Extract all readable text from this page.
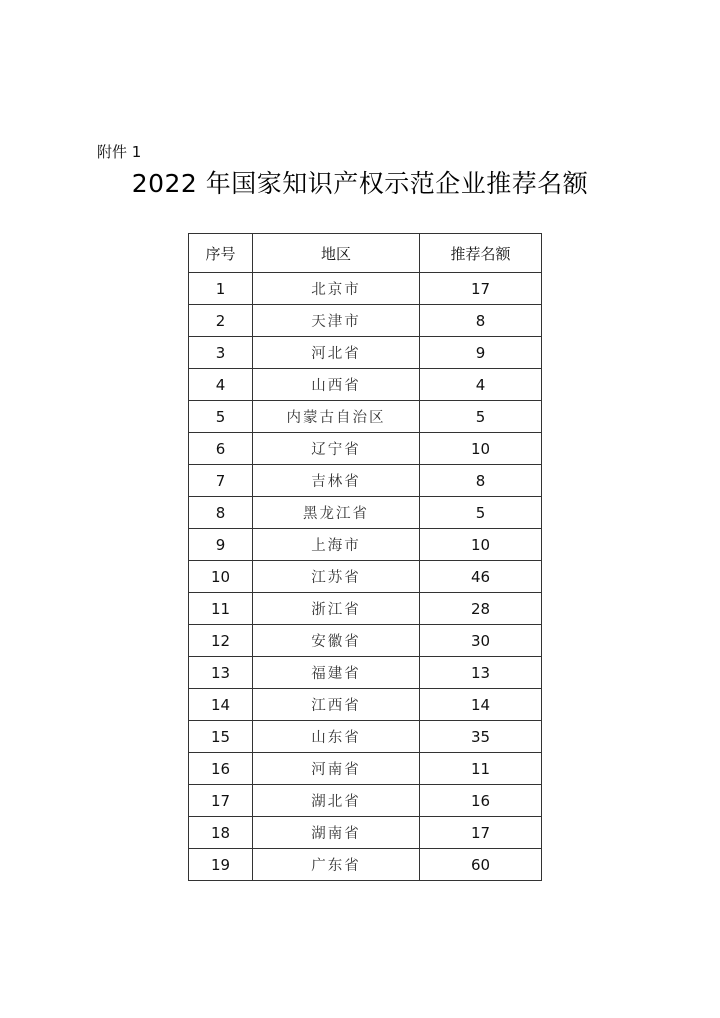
附件 1
2022 年国家知识产权示范企业推荐名额
序号	地区	推荐名额
1	北京市	17
2	天津市	8
3	河北省	9
4	山西省	4
5	内蒙古自治区	5
6	辽宁省	10
7	吉林省	8
8	黑龙江省	5
9	上海市	10
10	江苏省	46
11	浙江省	28
12	安徽省	30
13	福建省	13
14	江西省	14
15	山东省	35
16	河南省	11
17	湖北省	16
18	湖南省	17
19	广东省	60
